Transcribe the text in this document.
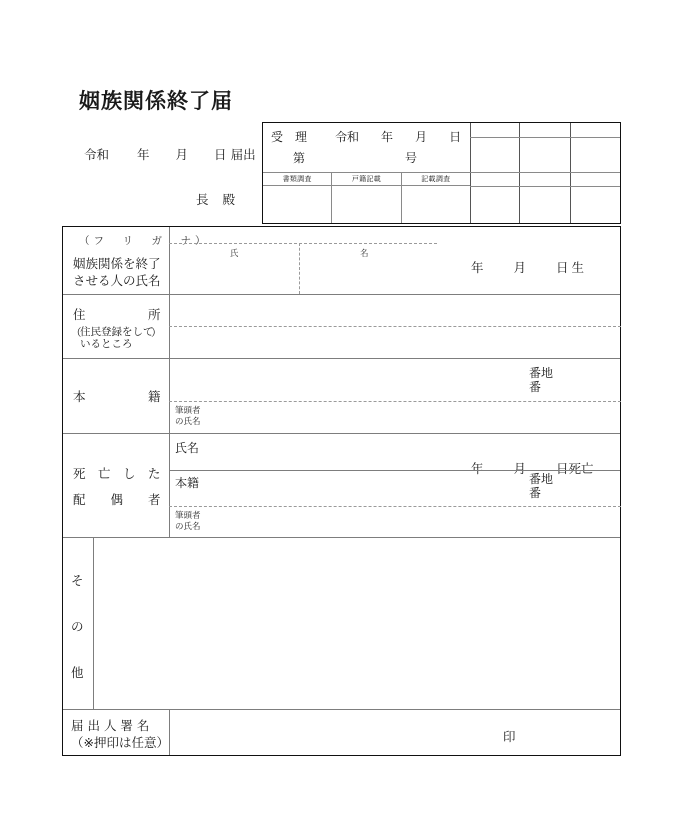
姻族関係終了届
令和 年 月 日 届出
長 殿
受　理 令和 年 月 日
第	号
書類調査	戸籍記載	記載調査
（フ　リ　ガ　ナ）
姻族関係を終了
させる人の氏名
氏	名
年 月 日 生
住　　　　　所
（
住民登録をして
いるところ
）
本　　　　　籍
番地
番
筆頭者
の氏名
死　亡　し　た
配　　偶　　者
氏名
年 月 日死亡
本籍	番地
番
筆頭者
の氏名
そ
の
他
届 出 人 署 名
（※押印は任意）	印
